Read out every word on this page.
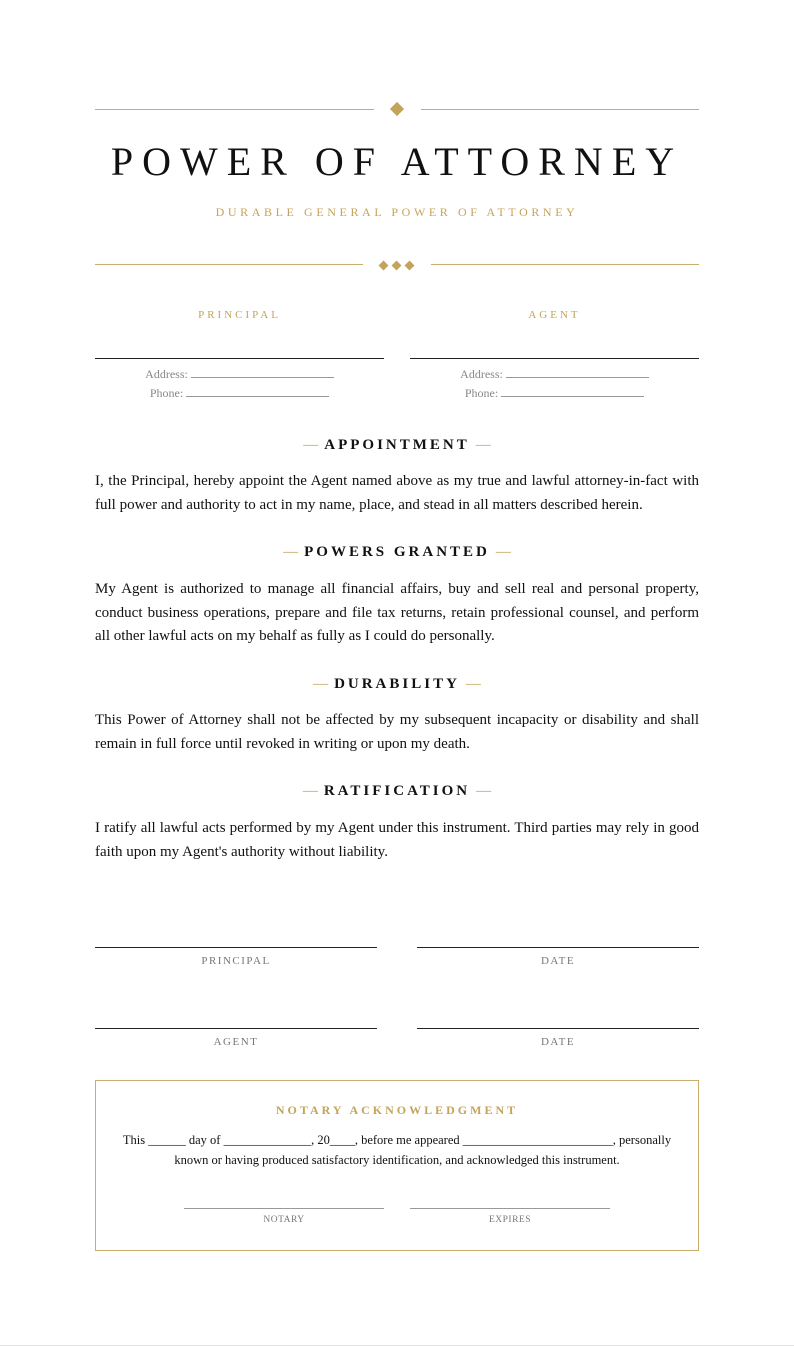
POWER OF ATTORNEY
DURABLE GENERAL POWER OF ATTORNEY
PRINCIPAL	AGENT
Address:
Phone:
Address:
Phone:
— APPOINTMENT —

I, the Principal, hereby appoint the Agent named above as my true and lawful attorney-in-fact with full power and authority to act in my name, place, and stead in all matters described herein.

— POWERS GRANTED —

My Agent is authorized to manage all financial affairs, buy and sell real and personal property, conduct business operations, prepare and file tax returns, retain professional counsel, and perform all other lawful acts on my behalf as fully as I could do personally.

— DURABILITY —

This Power of Attorney shall not be affected by my subsequent incapacity or disability and shall remain in full force until revoked in writing or upon my death.

— RATIFICATION —

I ratify all lawful acts performed by my Agent under this instrument. Third parties may rely in good faith upon my Agent's authority without liability.

PRINCIPAL	DATE
AGENT	DATE
NOTARY ACKNOWLEDGMENT

This ______ day of ______________, 20____, before me appeared ________________________, personally known or having produced satisfactory identification, and acknowledged this instrument.

NOTARY	EXPIRES
